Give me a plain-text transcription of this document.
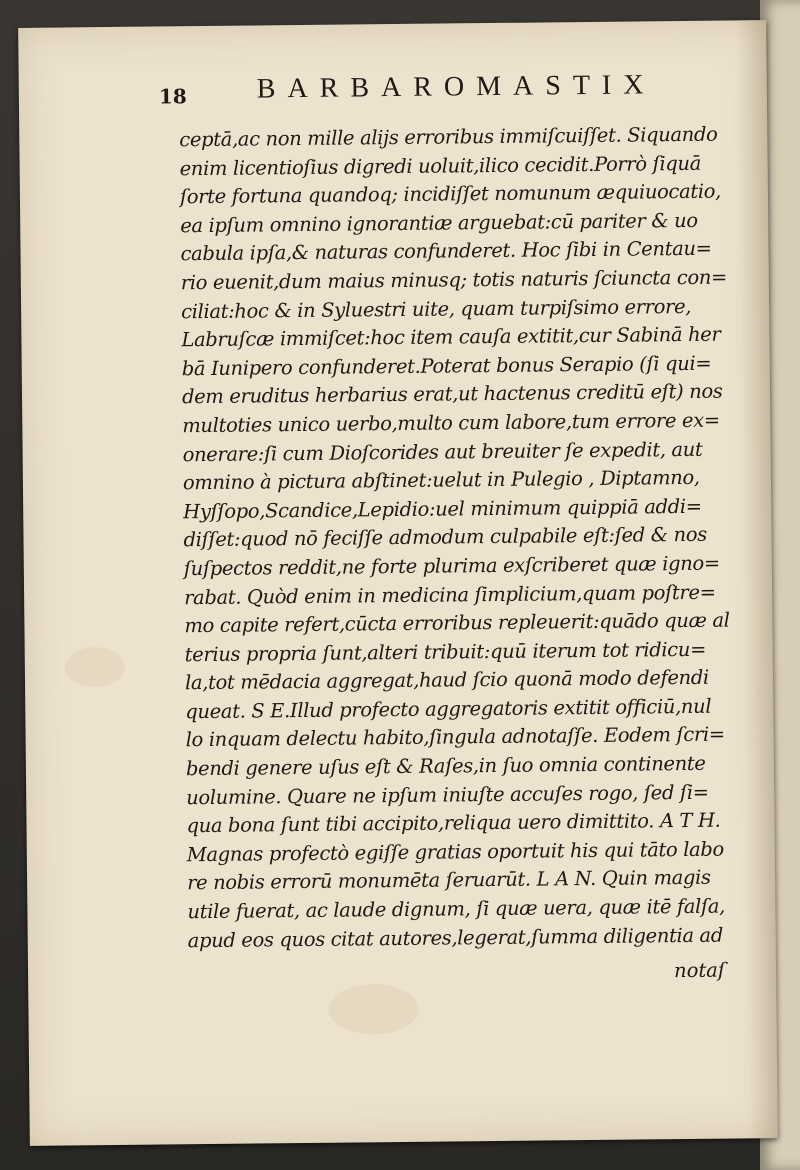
18 BARBAROMASTIX
ceptā,ac non mille alijs erroribus immiſcuiſſet. Siquando
enim licentioſius digredi uoluit,ilico cecidit.Porrò ſiquā
ſorte fortuna quandoq; incidiſſet nomunum æquiuocatio,
ea ipſum omnino ignorantiæ arguebat:cū pariter & uo
cabula ipſa,& naturas confunderet. Hoc ſibi in Centau=
rio euenit,dum maius minusq; totis naturis ſciuncta con=
ciliat:hoc & in Syluestri uite, quam turpiſsimo errore,
Labruſcæ immiſcet:hoc item cauſa extitit,cur Sabinā her
bā Iunipero confunderet.Poterat bonus Serapio (ſi qui=
dem eruditus herbarius erat,ut hactenus creditū eſt) nos
multoties unico uerbo,multo cum labore,tum errore ex=
onerare:ſi cum Dioſcorides aut breuiter ſe expedit, aut
omnino à pictura abſtinet:uelut in Pulegio , Diptamno,
Hyſſopo,Scandice,Lepidio:uel minimum quippiā addi=
diſſet:quod nō feciſſe admodum culpabile eſt:ſed & nos
ſuſpectos reddit,ne forte plurima exſcriberet quæ igno=
rabat. Quòd enim in medicina ſimplicium,quam poſtre=
mo capite refert,cūcta erroribus repleuerit:quādo quæ al
terius propria ſunt,alteri tribuit:quū iterum tot ridicu=
la,tot mēdacia aggregat,haud ſcio quonā modo defendi
queat. S E.Illud profecto aggregatoris extitit officiū,nul
lo inquam delectu habito,ſingula adnotaſſe. Eodem ſcri=
bendi genere uſus eſt & Raſes,in ſuo omnia continente
uolumine. Quare ne ipſum iniuſte accuſes rogo, ſed ſi=
qua bona ſunt tibi accipito,reliqua uero dimittito. A T H.
Magnas profectò egiſſe gratias oportuit his qui tāto labo
re nobis errorū monumēta ſeruarūt. L A N. Quin magis
utile fuerat, ac laude dignum, ſi quæ uera, quæ itē falſa,
apud eos quos citat autores,legerat,ſumma diligentia ad
notaſ
